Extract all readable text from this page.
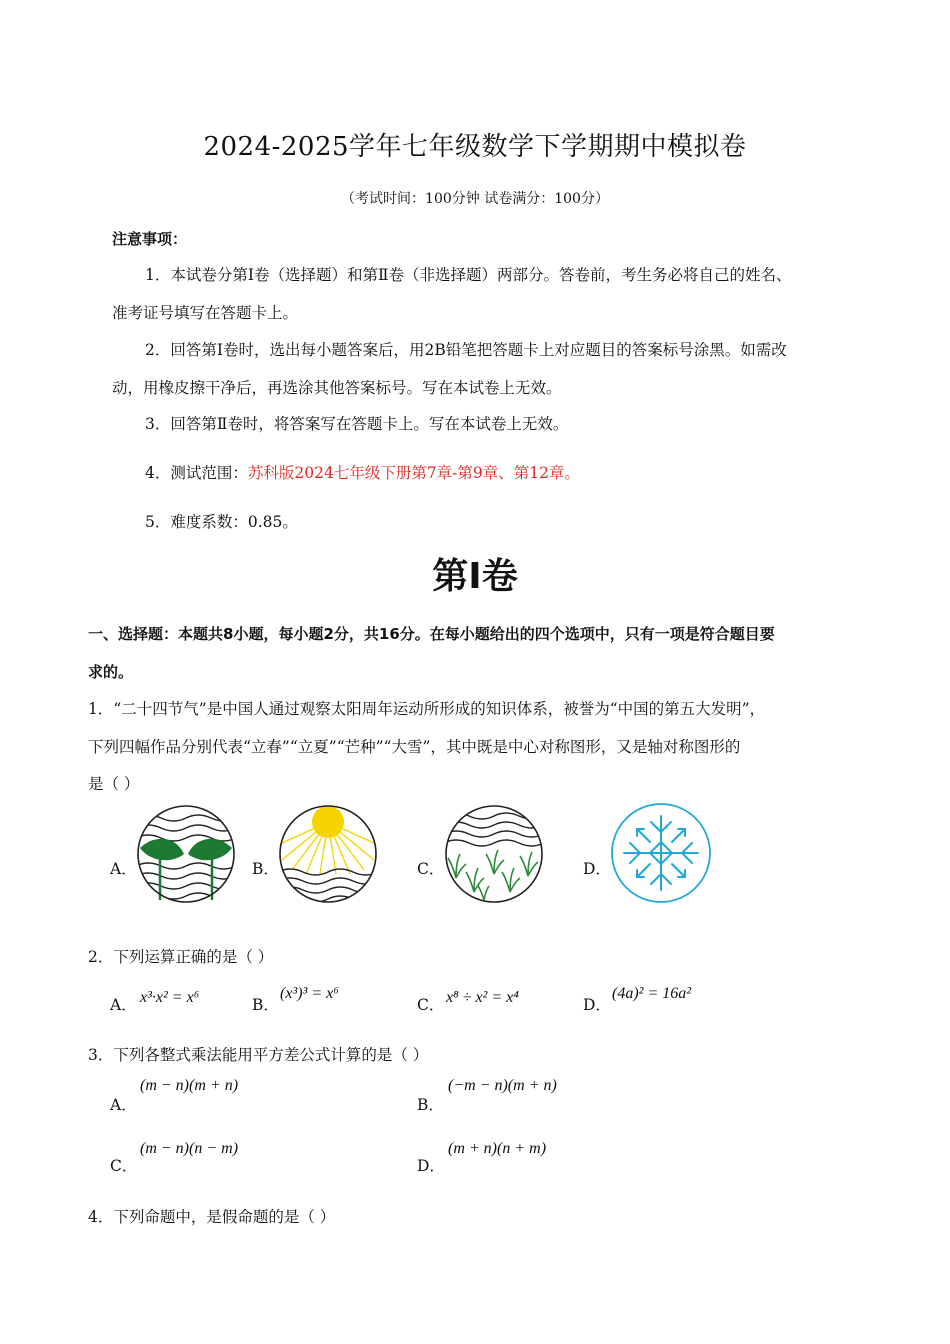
2024-2025学年七年级数学下学期期中模拟卷
（考试时间：100分钟 试卷满分：100分）
注意事项：
1．本试卷分第Ⅰ卷（选择题）和第Ⅱ卷（非选择题）两部分。答卷前，考生务必将自己的姓名、
准考证号填写在答题卡上。
2．回答第Ⅰ卷时，选出每小题答案后，用2B铅笔把答题卡上对应题目的答案标号涂黑。如需改
动，用橡皮擦干净后，再选涂其他答案标号。写在本试卷上无效。
3．回答第Ⅱ卷时，将答案写在答题卡上。写在本试卷上无效。
4．测试范围：苏科版2024七年级下册第7章-第9章、第12章。
5．难度系数：0.85。
第Ⅰ卷
一、选择题：本题共8小题，每小题2分，共16分。在每小题给出的四个选项中，只有一项是符合题目要
求的。
1．“二十四节气”是中国人通过观察太阳周年运动所形成的知识体系，被誉为“中国的第五大发明”，
下列四幅作品分别代表“立春”“立夏”“芒种”“大雪”，其中既是中心对称图形，又是轴对称图形的
是（ ）
A．	B．	C．	D．
2．下列运算正确的是（ ）
A． x³·x² = x⁶	B．
(x³)³ = x⁶
C． x⁸ ÷ x² = x⁴	D．
(4a)² = 16a²
3．下列各整式乘法能用平方差公式计算的是（ ）
A．
(m − n)(m + n)
B．
(−m − n)(m + n)
C．
(m − n)(n − m)
D．
(m + n)(n + m)
4．下列命题中，是假命题的是（ ）
